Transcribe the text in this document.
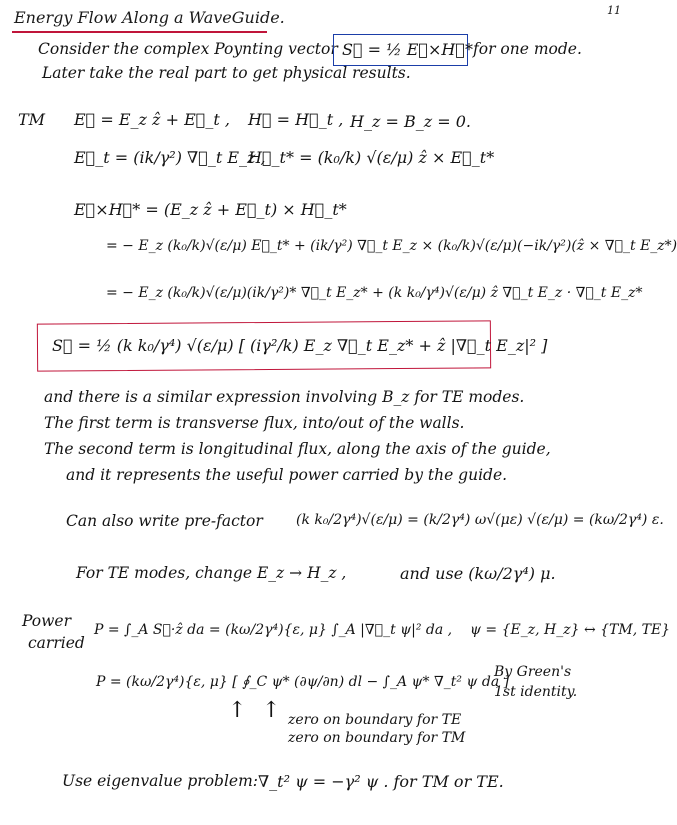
11
Energy Flow Along a WaveGuide.
Consider the complex Poynting vector S⃗ = ½ E⃗×H⃗* for one mode.
Later take the real part to get physical results.
TM E⃗ = E_z ẑ + E⃗_t , H⃗ = H⃗_t , H_z = B_z = 0.
E⃗_t = (ik/γ²) ∇⃗_t E_z ,
H⃗_t* = (k₀/k) √(ε/μ) ẑ × E⃗_t*
E⃗×H⃗* = (E_z ẑ + E⃗_t) × H⃗_t*
= − E_z (k₀/k)√(ε/μ) E⃗_t* + (ik/γ²) ∇⃗_t E_z × (k₀/k)√(ε/μ)(−ik/γ²)(ẑ × ∇⃗_t E_z*)
= − E_z (k₀/k)√(ε/μ)(ik/γ²)* ∇⃗_t E_z* + (k k₀/γ⁴)√(ε/μ) ẑ ∇⃗_t E_z · ∇⃗_t E_z*
S⃗ = ½ (k k₀/γ⁴) √(ε/μ) [ (iγ²/k) E_z ∇⃗_t E_z* + ẑ |∇⃗_t E_z|² ]
and there is a similar expression involving B_z for TE modes.
The first term is transverse flux, into/out of the walls.
The second term is longitudinal flux, along the axis of the guide,
and it represents the useful power carried by the guide.
Can also write pre-factor (k k₀/2γ⁴)√(ε/μ) = (k/2γ⁴) ω√(με) √(ε/μ) = (kω/2γ⁴) ε.
For TE modes, change E_z → H_z ,	and use (kω/2γ⁴) μ.
Power
carried
P = ∫_A S⃗·ẑ da = (kω/2γ⁴){ε, μ} ∫_A |∇⃗_t ψ|² da , ψ = {E_z, H_z} ↔ {TM, TE}
P = (kω/2γ⁴){ε, μ} [ ∮_C ψ* (∂ψ/∂n) dl − ∫_A ψ* ∇_t² ψ da ]
By Green's
1st identity.
↑ ↑ zero on boundary for TE
zero on boundary for TM
Use eigenvalue problem: ∇_t² ψ = −γ² ψ . for TM or TE.
